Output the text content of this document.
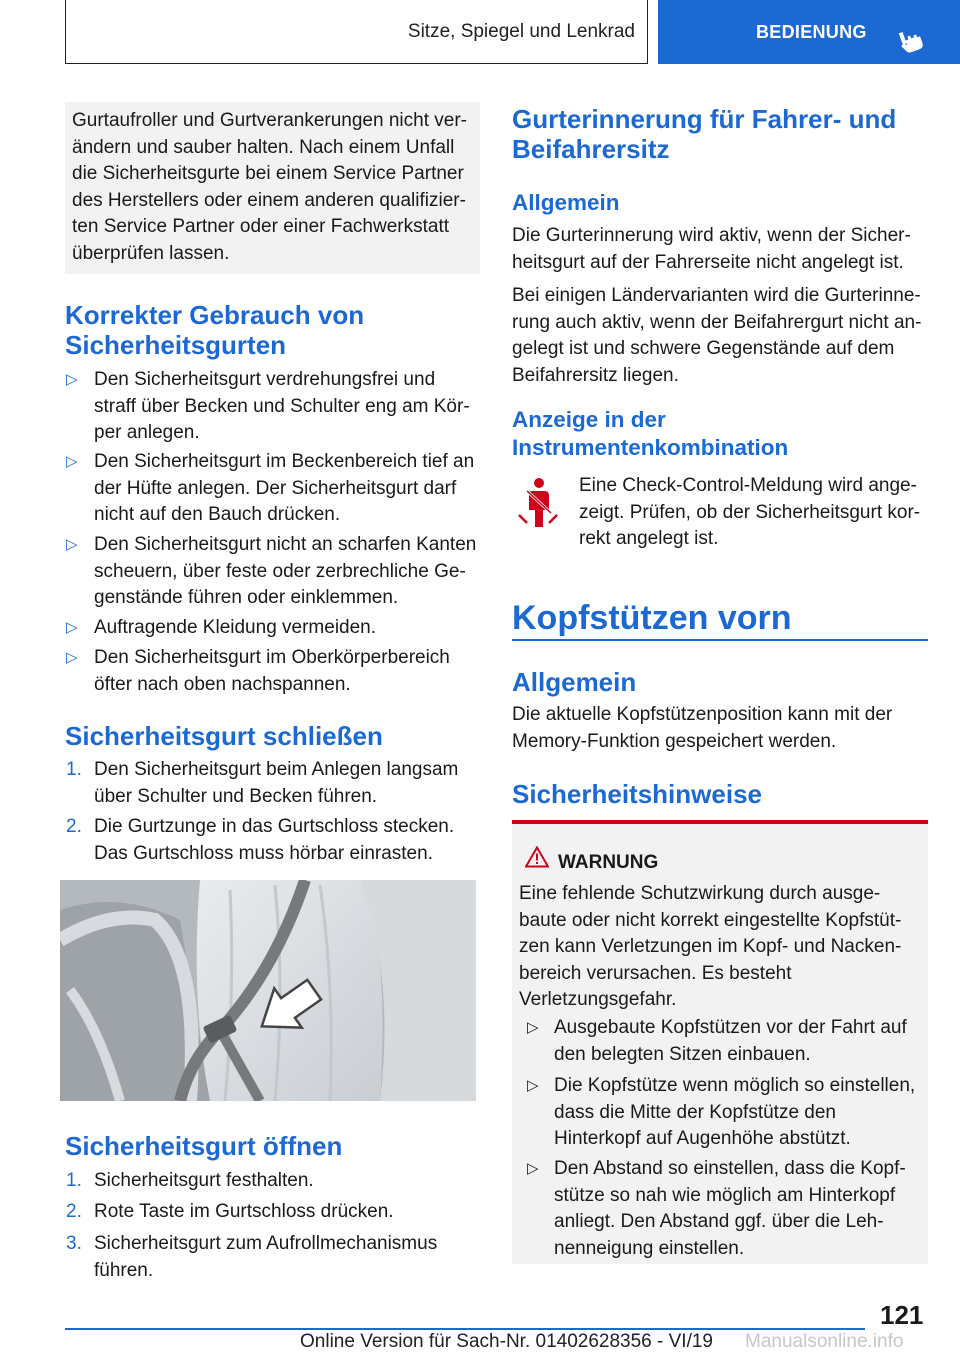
Sitze, Spiegel und Lenkrad	BEDIENUNG

Gurtaufroller und Gurtverankerungen nicht verändern und sauber halten. Nach einem Unfall die Sicherheitsgurte bei einem Service Partner des Herstellers oder einem anderen qualifizierten Service Partner oder einer Fachwerkstatt überprüfen lassen.

Korrekter Gebrauch von Sicherheitsgurten
▷ Den Sicherheitsgurt verdrehungsfrei und straff über Becken und Schulter eng am Körper anlegen.

▷ Den Sicherheitsgurt im Beckenbereich tief an der Hüfte anlegen. Der Sicherheitsgurt darf nicht auf den Bauch drücken.

▷ Den Sicherheitsgurt nicht an scharfen Kanten scheuern, über feste oder zerbrechliche Gegenstände führen oder einklemmen.

▷ Auftragende Kleidung vermeiden.

▷ Den Sicherheitsgurt im Oberkörperbereich öfter nach oben nachspannen.

Sicherheitsgurt schließen
1. Den Sicherheitsgurt beim Anlegen langsam über Schulter und Becken führen.

2. Die Gurtzunge in das Gurtschloss stecken. Das Gurtschloss muss hörbar einrasten.

Sicherheitsgurt öffnen
1. Sicherheitsgurt festhalten.

2. Rote Taste im Gurtschloss drücken.

3. Sicherheitsgurt zum Aufrollmechanismus führen.

Gurterinnerung für Fahrer- und Beifahrersitz
Allgemein

Die Gurterinnerung wird aktiv, wenn der Sicherheitsgurt auf der Fahrerseite nicht angelegt ist.

Bei einigen Ländervarianten wird die Gurterinnerung auch aktiv, wenn der Beifahrergurt nicht angelegt ist und schwere Gegenstände auf dem Beifahrersitz liegen.

Anzeige in der Instrumentenkombination

Eine Check-Control-Meldung wird angezeigt. Prüfen, ob der Sicherheitsgurt korrekt angelegt ist.

Kopfstützen vorn
Allgemein

Die aktuelle Kopfstützenposition kann mit der Memory-Funktion gespeichert werden.

Sicherheitshinweise
WARNUNG

Eine fehlende Schutzwirkung durch ausgebaute oder nicht korrekt eingestellte Kopfstützen kann Verletzungen im Kopf- und Nackenbereich verursachen. Es besteht Verletzungsgefahr.

▷ Ausgebaute Kopfstützen vor der Fahrt auf den belegten Sitzen einbauen.

▷ Die Kopfstütze wenn möglich so einstellen, dass die Mitte der Kopfstütze den Hinterkopf auf Augenhöhe abstützt.

▷ Den Abstand so einstellen, dass die Kopfstütze so nah wie möglich am Hinterkopf anliegt. Den Abstand ggf. über die Lehnenneigung einstellen.

121
Online Version für Sach-Nr. 01402628356 - VI/19 Manualsonline.info
